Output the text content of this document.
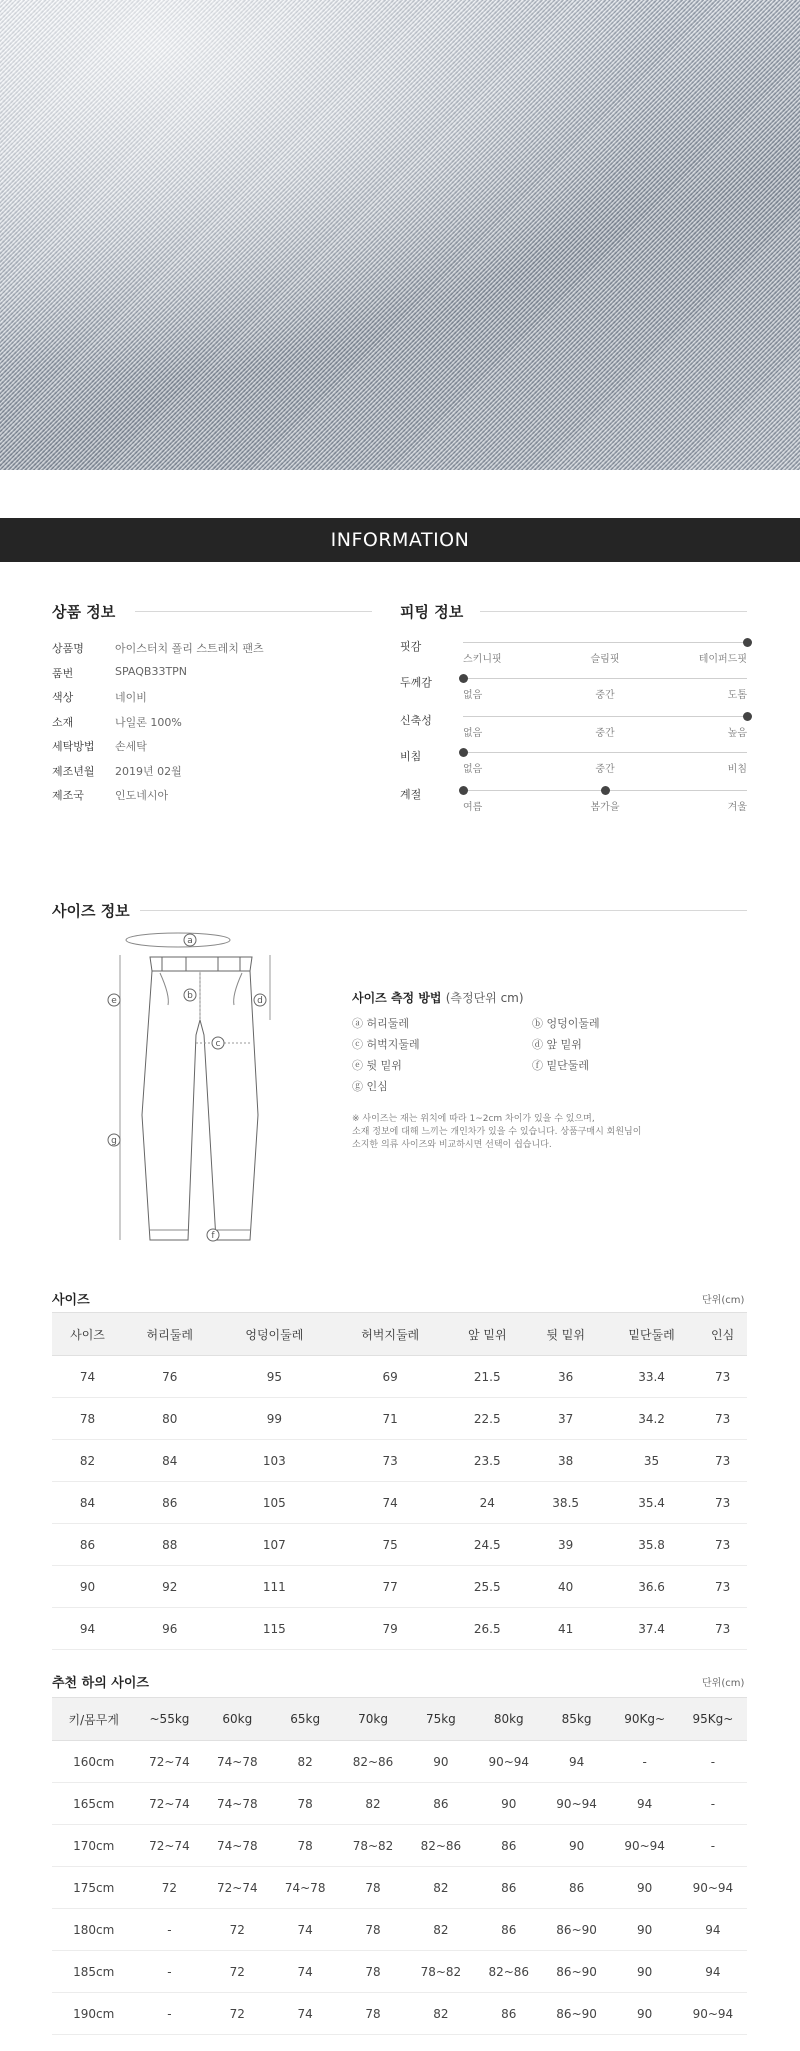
INFORMATION
상품 정보
상품명	아이스터치 폴리 스트레치 팬츠
품번	SPAQB33TPN
색상	네이비
소재	나일론 100%
세탁방법 손세탁
제조년월 2019년 02월
제조국	인도네시아
피팅 정보
핏감
스키니핏	슬림핏	테이퍼드핏
두께감
없음	중간	도톰
신축성
없음	중간	높음
비침
없음	중간	비침
계절
여름	봄가을	겨울
사이즈 정보
a
b
c
d
e
f
g
사이즈 측정 방법 (측정단위 cm)
ⓐ 허리둘레	ⓑ 엉덩이둘레
ⓒ 허벅지둘레	ⓓ 앞 밑위
ⓔ 뒷 밑위	ⓕ 밑단둘레
ⓖ 인심
※ 사이즈는 재는 위치에 따라 1~2cm 차이가 있을 수 있으며,
소재 정보에 대해 느끼는 개인차가 있을 수 있습니다. 상품구매시 회원님이
소지한 의류 사이즈와 비교하시면 선택이 쉽습니다.
사이즈	단위(cm)
사이즈	허리둘레	엉덩이둘레	허벅지둘레	앞 밑위	뒷 밑위	밑단둘레	인심
74	76	95	69	21.5	36	33.4	73
78	80	99	71	22.5	37	34.2	73
82	84	103	73	23.5	38	35	73
84	86	105	74	24	38.5	35.4	73
86	88	107	75	24.5	39	35.8	73
90	92	111	77	25.5	40	36.6	73
94	96	115	79	26.5	41	37.4	73
추천 하의 사이즈	단위(cm)
키/몸무게	~55kg	60kg	65kg	70kg	75kg	80kg	85kg	90Kg~	95Kg~
160cm	72~74	74~78	82	82~86	90	90~94	94	-	-
165cm	72~74	74~78	78	82	86	90	90~94	94	-
170cm	72~74	74~78	78	78~82	82~86	86	90	90~94	-
175cm	72	72~74	74~78	78	82	86	86	90	90~94
180cm	-	72	74	78	82	86	86~90	90	94
185cm	-	72	74	78	78~82	82~86	86~90	90	94
190cm	-	72	74	78	82	86	86~90	90	90~94
